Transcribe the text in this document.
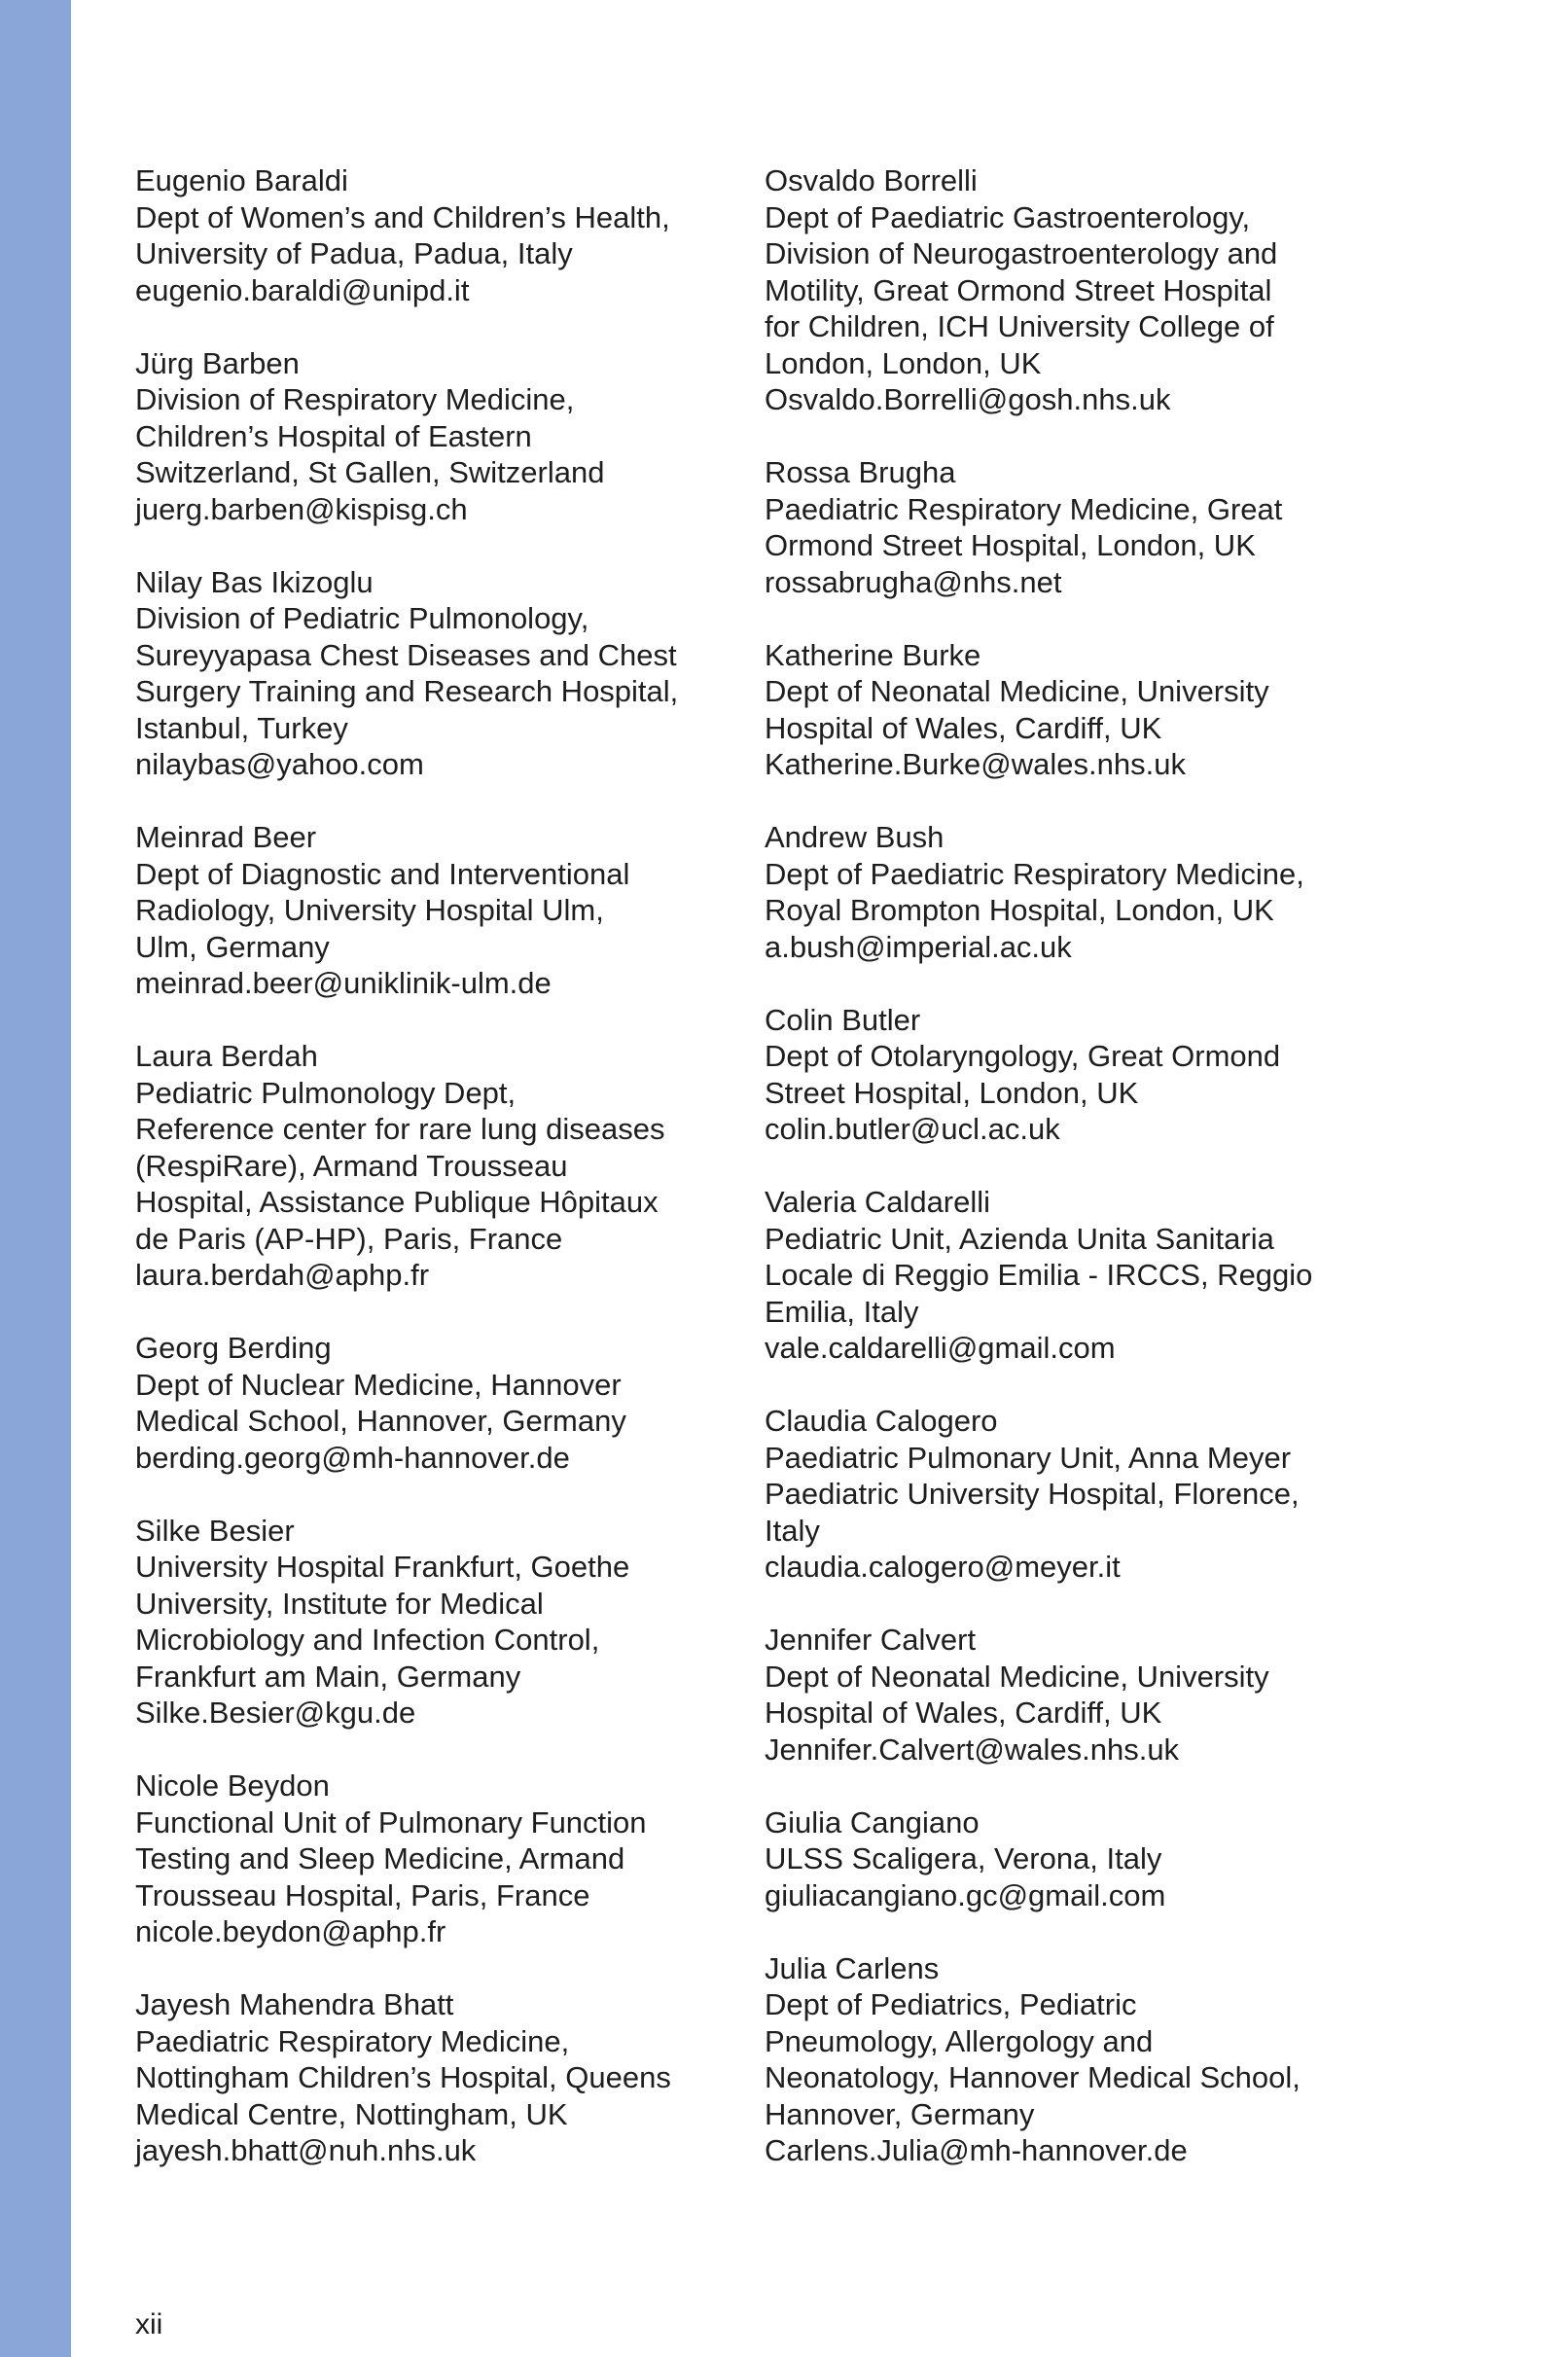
Eugenio Baraldi
Dept of Women’s and Children’s Health,
University of Padua, Padua, Italy
eugenio.baraldi@unipd.it
Jürg Barben
Division of Respiratory Medicine,
Children’s Hospital of Eastern
Switzerland, St Gallen, Switzerland
juerg.barben@kispisg.ch
Nilay Bas Ikizoglu
Division of Pediatric Pulmonology,
Sureyyapasa Chest Diseases and Chest
Surgery Training and Research Hospital,
Istanbul, Turkey
nilaybas@yahoo.com
Meinrad Beer
Dept of Diagnostic and Interventional
Radiology, University Hospital Ulm,
Ulm, Germany
meinrad.beer@uniklinik-ulm.de
Laura Berdah
Pediatric Pulmonology Dept,
Reference center for rare lung diseases
(RespiRare), Armand Trousseau
Hospital, Assistance Publique Hôpitaux
de Paris (AP-HP), Paris, France
laura.berdah@aphp.fr
Georg Berding
Dept of Nuclear Medicine, Hannover
Medical School, Hannover, Germany
berding.georg@mh-hannover.de
Silke Besier
University Hospital Frankfurt, Goethe
University, Institute for Medical
Microbiology and Infection Control,
Frankfurt am Main, Germany
Silke.Besier@kgu.de
Nicole Beydon
Functional Unit of Pulmonary Function
Testing and Sleep Medicine, Armand
Trousseau Hospital, Paris, France
nicole.beydon@aphp.fr
Jayesh Mahendra Bhatt
Paediatric Respiratory Medicine,
Nottingham Children’s Hospital, Queens
Medical Centre, Nottingham, UK
jayesh.bhatt@nuh.nhs.uk
Osvaldo Borrelli
Dept of Paediatric Gastroenterology,
Division of Neurogastroenterology and
Motility, Great Ormond Street Hospital
for Children, ICH University College of
London, London, UK
Osvaldo.Borrelli@gosh.nhs.uk
Rossa Brugha
Paediatric Respiratory Medicine, Great
Ormond Street Hospital, London, UK
rossabrugha@nhs.net
Katherine Burke
Dept of Neonatal Medicine, University
Hospital of Wales, Cardiff, UK
Katherine.Burke@wales.nhs.uk
Andrew Bush
Dept of Paediatric Respiratory Medicine,
Royal Brompton Hospital, London, UK
a.bush@imperial.ac.uk
Colin Butler
Dept of Otolaryngology, Great Ormond
Street Hospital, London, UK
colin.butler@ucl.ac.uk
Valeria Caldarelli
Pediatric Unit, Azienda Unita Sanitaria
Locale di Reggio Emilia - IRCCS, Reggio
Emilia, Italy
vale.caldarelli@gmail.com
Claudia Calogero
Paediatric Pulmonary Unit, Anna Meyer
Paediatric University Hospital, Florence,
Italy
claudia.calogero@meyer.it
Jennifer Calvert
Dept of Neonatal Medicine, University
Hospital of Wales, Cardiff, UK
Jennifer.Calvert@wales.nhs.uk
Giulia Cangiano
ULSS Scaligera, Verona, Italy
giuliacangiano.gc@gmail.com
Julia Carlens
Dept of Pediatrics, Pediatric
Pneumology, Allergology and
Neonatology, Hannover Medical School,
Hannover, Germany
Carlens.Julia@mh-hannover.de
xii
